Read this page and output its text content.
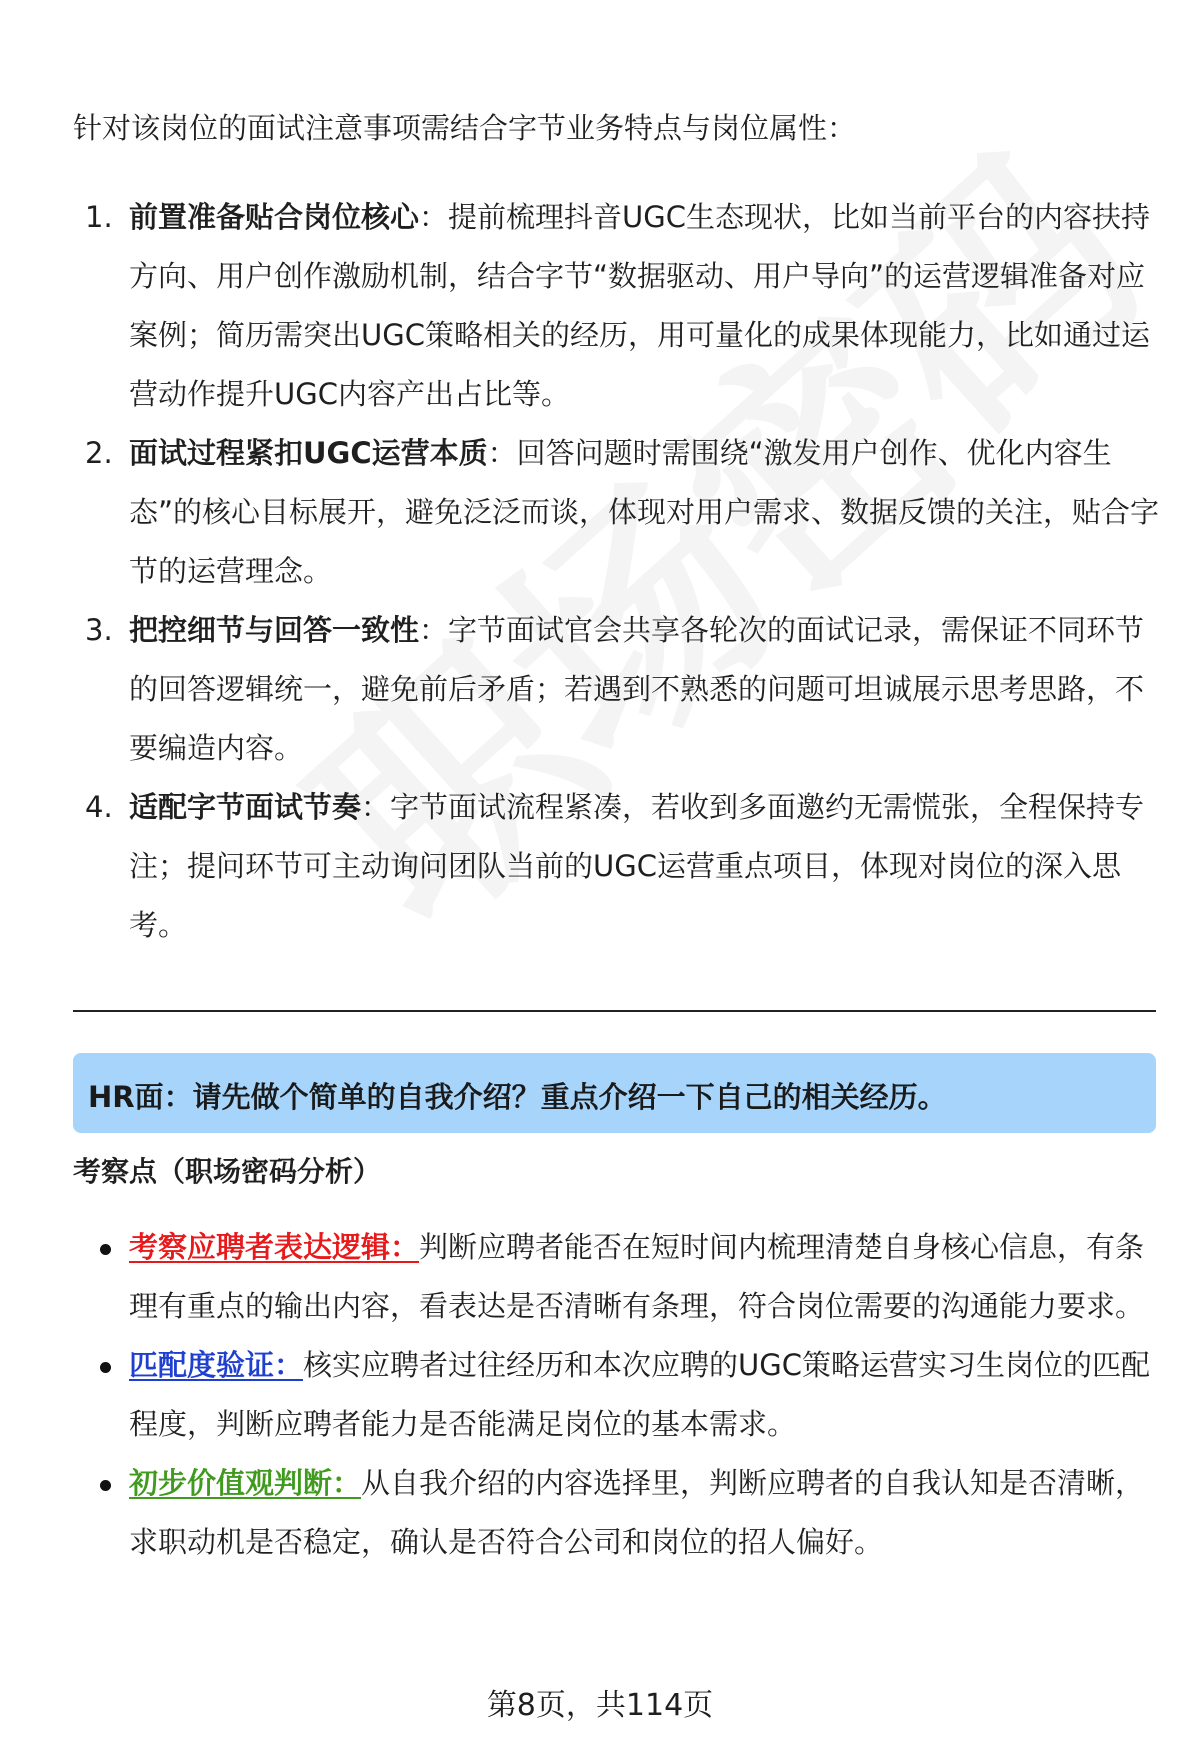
针对该岗位的面试注意事项需结合字节业务特点与岗位属性：
1. 前置准备贴合岗位核心：提前梳理抖音UGC生态现状，比如当前平台的内容扶持方向、用户创作激励机制，结合字节“数据驱动、用户导向”的运营逻辑准备对应案例；简历需突出UGC策略相关的经历，用可量化的成果体现能力，比如通过运营动作提升UGC内容产出占比等。
2. 面试过程紧扣UGC运营本质：回答问题时需围绕“激发用户创作、优化内容生态”的核心目标展开，避免泛泛而谈，体现对用户需求、数据反馈的关注，贴合字节的运营理念。
3. 把控细节与回答一致性：字节面试官会共享各轮次的面试记录，需保证不同环节的回答逻辑统一，避免前后矛盾；若遇到不熟悉的问题可坦诚展示思考思路，不要编造内容。
4. 适配字节面试节奏：字节面试流程紧凑，若收到多面邀约无需慌张，全程保持专注；提问环节可主动询问团队当前的UGC运营重点项目，体现对岗位的深入思考。
HR面：请先做个简单的自我介绍？重点介绍一下自己的相关经历。
考察点（职场密码分析）
考察应聘者表达逻辑：判断应聘者能否在短时间内梳理清楚自身核心信息，有条理有重点的输出内容，看表达是否清晰有条理，符合岗位需要的沟通能力要求。
匹配度验证：核实应聘者过往经历和本次应聘的UGC策略运营实习生岗位的匹配程度，判断应聘者能力是否能满足岗位的基本需求。
初步价值观判断：从自我介绍的内容选择里，判断应聘者的自我认知是否清晰，求职动机是否稳定，确认是否符合公司和岗位的招人偏好。
第8页，共114页
